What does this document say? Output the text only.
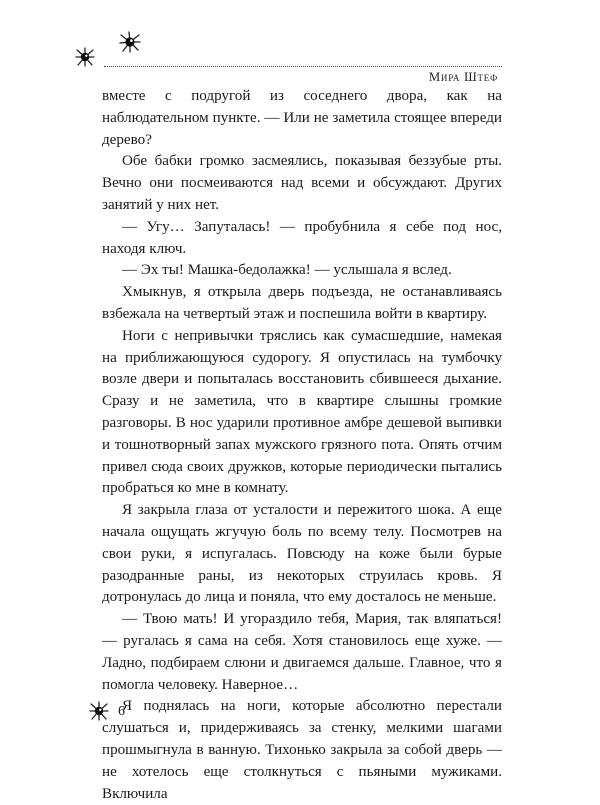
Мира Штеф

вместе с подругой из соседнего двора, как на наблюдательном пункте. — Или не заметила стоящее впереди дерево?

Обе бабки громко засмеялись, показывая беззубые рты. Вечно они посмеиваются над всеми и обсуждают. Других занятий у них нет.

— Угу… Запуталась! — пробубнила я себе под нос, находя ключ.

— Эх ты! Машка-бедолажка! — услышала я вслед.

Хмыкнув, я открыла дверь подъезда, не останавливаясь взбежала на четвертый этаж и поспешила войти в квартиру.

Ноги с непривычки тряслись как сумасшедшие, намекая на приближающуюся судорогу. Я опустилась на тумбочку возле двери и попыталась восстановить сбившееся дыхание. Сразу и не заметила, что в квартире слышны громкие разговоры. В нос ударили противное амбре дешевой выпивки и тошнотворный запах мужского грязного пота. Опять отчим привел сюда своих дружков, которые периодически пытались пробраться ко мне в комнату.

Я закрыла глаза от усталости и пережитого шока. А еще начала ощущать жгучую боль по всему телу. Посмотрев на свои руки, я испугалась. Повсюду на коже были бурые разодранные раны, из некоторых струилась кровь. Я дотронулась до лица и поняла, что ему досталось не меньше.

— Твою мать! И угораздило тебя, Мария, так вляпаться! — ругалась я сама на себя. Хотя становилось еще хуже. — Ладно, подбираем слюни и двигаемся дальше. Главное, что я помогла человеку. Наверное…

Я поднялась на ноги, которые абсолютно перестали слушаться и, придерживаясь за стенку, мелкими шагами прошмыгнула в ванную. Тихонько закрыла за собой дверь — не хотелось еще столкнуться с пьяными мужиками. Включила

6
